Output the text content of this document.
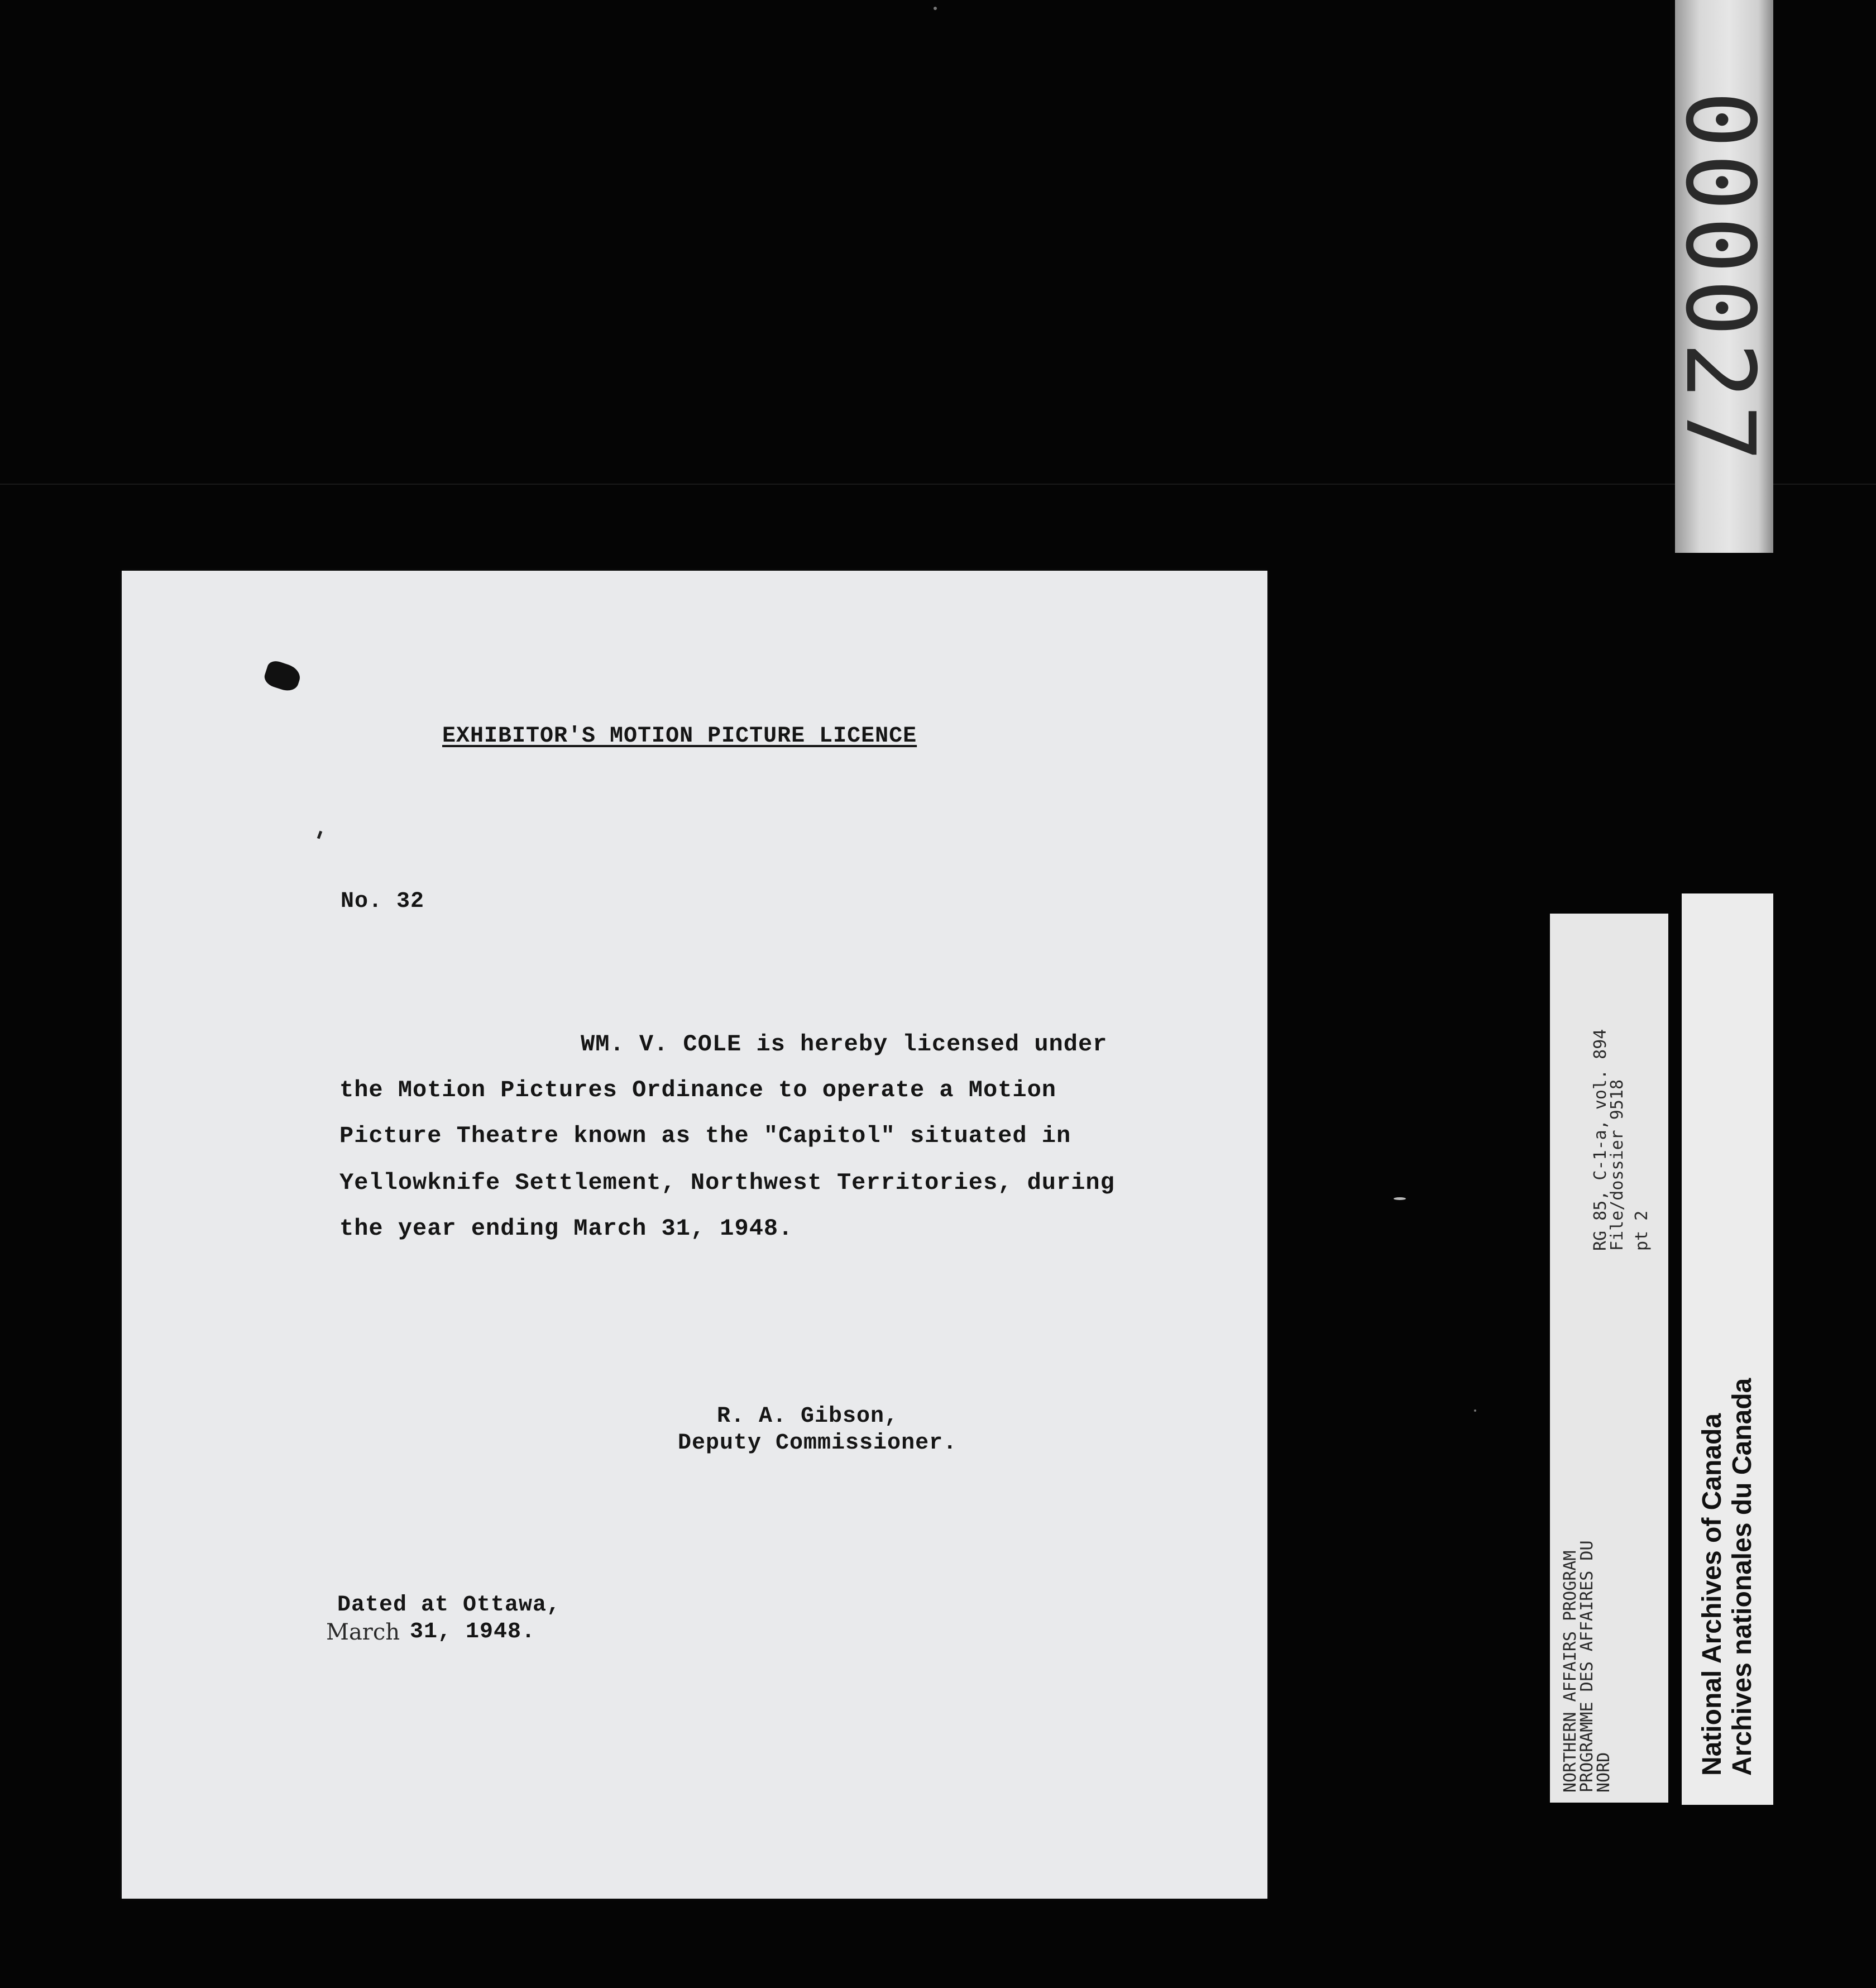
000027
EXHIBITOR'S MOTION PICTURE LICENCE
No. 32
WM. V. COLE is hereby licensed under
the Motion Pictures Ordinance to operate a Motion
Picture Theatre known as the "Capitol" situated in
Yellowknife Settlement, Northwest Territories, during
the year ending March 31, 1948.
R. A. Gibson,
Deputy Commissioner.
Dated at Ottawa,
March 31, 1948.	NORTHERN AFFAIRS PROGRAM
PROGRAMME DES AFFAIRES DU
NORD
RG 85, C-1-a, vol. 894
File/dossier 9518 pt 2
National Archives of Canada Archives nationales du Canada
